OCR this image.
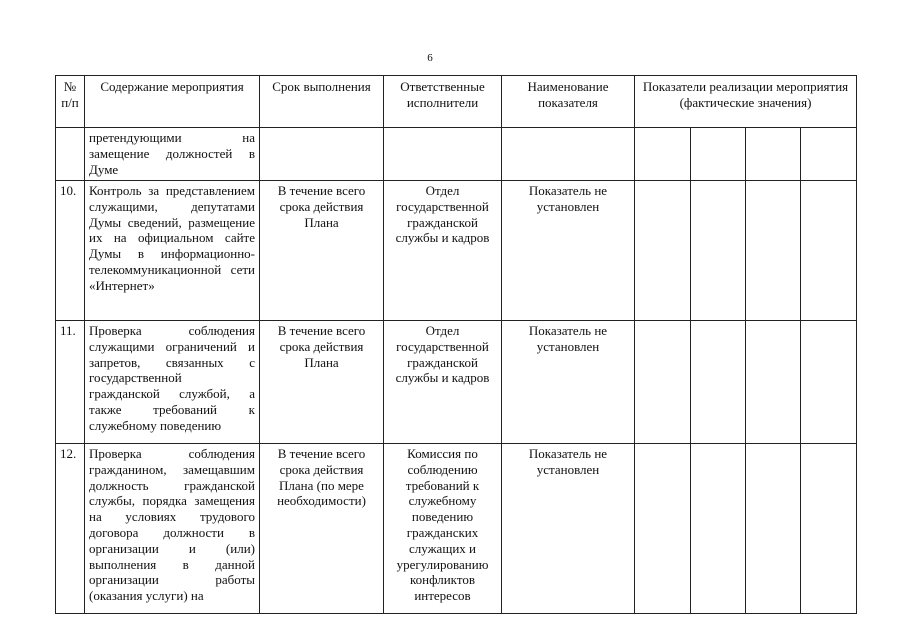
6
№ п/п	Содержание мероприятия	Срок выполнения	Ответственные исполнители	Наименование показателя	Показатели реализации мероприятия (фактические значения)			
	претендующими на замещение должностей в Думе							
10.	Контроль за представлением служащими, депутатами Думы сведений, размещение их на официальном сайте Думы в информационно-телекоммуникационной сети «Интернет»	В течение всего срока действия Плана	Отдел государственной гражданской службы и кадров	Показатель не установлен				
11.	Проверка соблюдения служащими ограничений и запретов, связанных с государственной гражданской службой, а также требований к служебному поведению	В течение всего срока действия Плана	Отдел государственной гражданской службы и кадров	Показатель не установлен				
12.	Проверка соблюдения гражданином, замещавшим должность гражданской службы, порядка замещения на условиях трудового договора должности в организации и (или) выполнения в данной организации работы (оказания услуги) на	В течение всего срока действия Плана (по мере необходимости)	Комиссия по соблюдению требований к служебному поведению гражданских служащих и урегулированию конфликтов интересов	Показатель не установлен				
